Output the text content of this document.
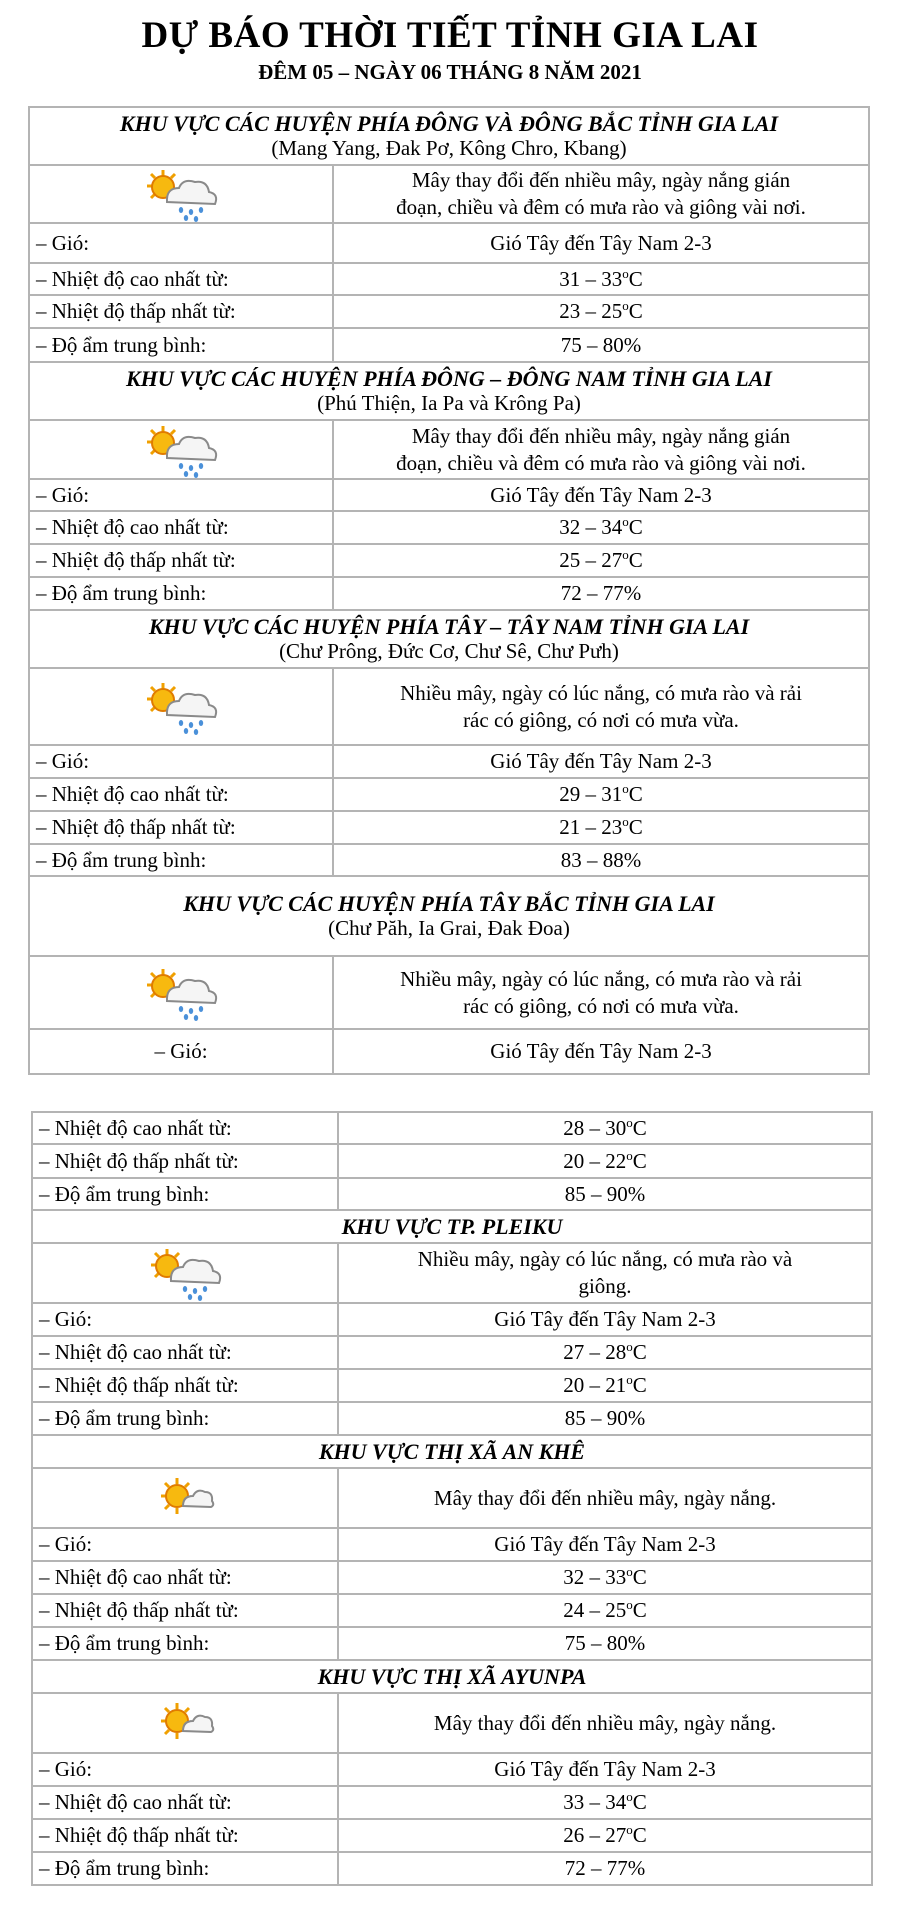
DỰ BÁO THỜI TIẾT TỈNH GIA LAI
ĐÊM 05 – NGÀY 06 THÁNG 8 NĂM 2021
KHU VỰC CÁC HUYỆN PHÍA ĐÔNG VÀ ĐÔNG BẮC TỈNH GIA LAI
(Mang Yang, Đak Pơ, Kông Chro, Kbang)	

Mây thay đổi đến nhiều mây, ngày nắng gián
đoạn, chiều và đêm có mưa rào và giông vài nơi.

– Gió:	Gió Tây đến Tây Nam 2-3
– Nhiệt độ cao nhất từ:	31 – 33$^o$C
– Nhiệt độ thấp nhất từ:	23 – 25$^o$C
– Độ ẩm trung bình:	75 – 80%

KHU VỰC CÁC HUYỆN PHÍA ĐÔNG – ĐÔNG NAM TỈNH GIA LAI
(Phú Thiện, Ia Pa và Krông Pa)	

Mây thay đổi đến nhiều mây, ngày nắng gián
đoạn, chiều và đêm có mưa rào và giông vài nơi.

– Gió:	Gió Tây đến Tây Nam 2-3
– Nhiệt độ cao nhất từ:	32 – 34$^o$C
– Nhiệt độ thấp nhất từ:	25 – 27$^o$C
– Độ ẩm trung bình:	72 – 77%

KHU VỰC CÁC HUYỆN PHÍA TÂY – TÂY NAM TỈNH GIA LAI
(Chư Prông, Đức Cơ, Chư Sê, Chư Pưh)	

Nhiều mây, ngày có lúc nắng, có mưa rào và rải
rác có giông, có nơi có mưa vừa.

– Gió:	Gió Tây đến Tây Nam 2-3
– Nhiệt độ cao nhất từ:	29 – 31$^o$C
– Nhiệt độ thấp nhất từ:	21 – 23$^o$C
– Độ ẩm trung bình:	83 – 88%

KHU VỰC CÁC HUYỆN PHÍA TÂY BẮC TỈNH GIA LAI
(Chư Păh, Ia Grai, Đak Đoa)	

Nhiều mây, ngày có lúc nắng, có mưa rào và rải
rác có giông, có nơi có mưa vừa.

– Gió:	Gió Tây đến Tây Nam 2-3
– Nhiệt độ cao nhất từ:	28 – 30$^o$C
– Nhiệt độ thấp nhất từ:	20 – 22$^o$C
– Độ ẩm trung bình:	85 – 90%

KHU VỰC TP. PLEIKU	

Nhiều mây, ngày có lúc nắng, có mưa rào và
giông.

– Gió:	Gió Tây đến Tây Nam 2-3
– Nhiệt độ cao nhất từ:	27 – 28$^o$C
– Nhiệt độ thấp nhất từ:	20 – 21$^o$C
– Độ ẩm trung bình:	85 – 90%

KHU VỰC THỊ XÃ AN KHÊ	

	Mây thay đổi đến nhiều mây, ngày nắng.
– Gió:	Gió Tây đến Tây Nam 2-3
– Nhiệt độ cao nhất từ:	32 – 33$^o$C
– Nhiệt độ thấp nhất từ:	24 – 25$^o$C
– Độ ẩm trung bình:	75 – 80%

KHU VỰC THỊ XÃ AYUNPA	

	Mây thay đổi đến nhiều mây, ngày nắng.
– Gió:	Gió Tây đến Tây Nam 2-3
– Nhiệt độ cao nhất từ:	33 – 34$^o$C
– Nhiệt độ thấp nhất từ:	26 – 27$^o$C
– Độ ẩm trung bình:	72 – 77%
